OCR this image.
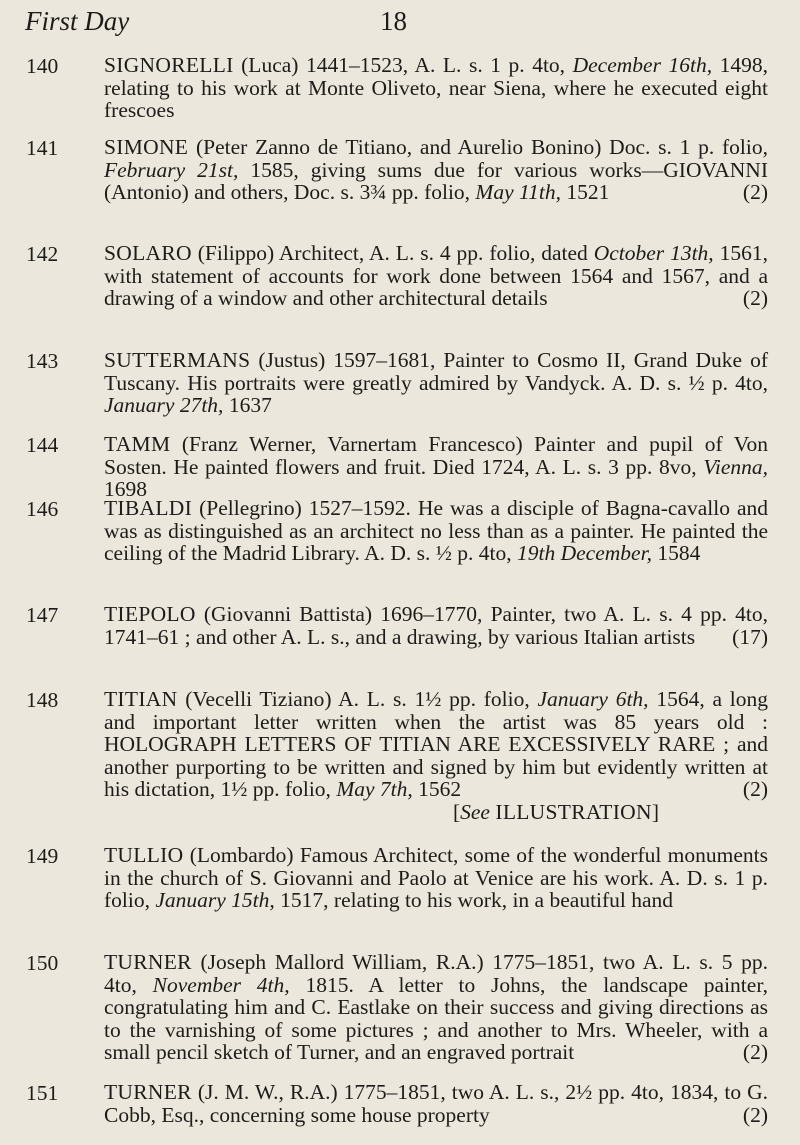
First Day	18
140	SIGNORELLI (Luca) 1441–1523, A. L. s. 1 p. 4to, December 16th, 1498, relating to his work at Monte Oliveto, near Siena, where he executed eight frescoes
141	SIMONE (Peter Zanno de Titiano, and Aurelio Bonino) Doc. s. 1 p. folio, February 21st, 1585, giving sums due for various works—GIOVANNI (Antonio) and others, Doc. s. 3¾ pp. folio, May 11th, 1521	(2)
142	SOLARO (Filippo) Architect, A. L. s. 4 pp. folio, dated October 13th, 1561, with statement of accounts for work done between 1564 and 1567, and a drawing of a window and other architectural details	(2)
143	SUTTERMANS (Justus) 1597–1681, Painter to Cosmo II, Grand Duke of Tuscany. His portraits were greatly admired by Vandyck. A. D. s. ½ p. 4to, January 27th, 1637
144	TAMM (Franz Werner, Varnertam Francesco) Painter and pupil of Von Sosten. He painted flowers and fruit. Died 1724, A. L. s. 3 pp. 8vo, Vienna, 1698
146	TIBALDI (Pellegrino) 1527–1592. He was a disciple of Bagna-cavallo and was as distinguished as an architect no less than as a painter. He painted the ceiling of the Madrid Library. A. D. s. ½ p. 4to, 19th December, 1584
147	TIEPOLO (Giovanni Battista) 1696–1770, Painter, two A. L. s. 4 pp. 4to, 1741–61 ; and other A. L. s., and a drawing, by various Italian artists (17)
148	TITIAN (Vecelli Tiziano) A. L. s. 1½ pp. folio, January 6th, 1564, a long and important letter written when the artist was 85 years old : HOLOGRAPH LETTERS OF TITIAN ARE EXCESSIVELY RARE ; and another purporting to be written and signed by him but evidently written at his dictation, 1½ pp. folio, May 7th, 1562	(2)
[See ILLUSTRATION]
149	TULLIO (Lombardo) Famous Architect, some of the wonderful monuments in the church of S. Giovanni and Paolo at Venice are his work. A. D. s. 1 p. folio, January 15th, 1517, relating to his work, in a beautiful hand
150	TURNER (Joseph Mallord William, R.A.) 1775–1851, two A. L. s. 5 pp. 4to, November 4th, 1815. A letter to Johns, the landscape painter, congratulating him and C. Eastlake on their success and giving directions as to the varnishing of some pictures ; and another to Mrs. Wheeler, with a small pencil sketch of Turner, and an engraved portrait	(2)
151	TURNER (J. M. W., R.A.) 1775–1851, two A. L. s., 2½ pp. 4to, 1834, to G. Cobb, Esq., concerning some house property	(2)
